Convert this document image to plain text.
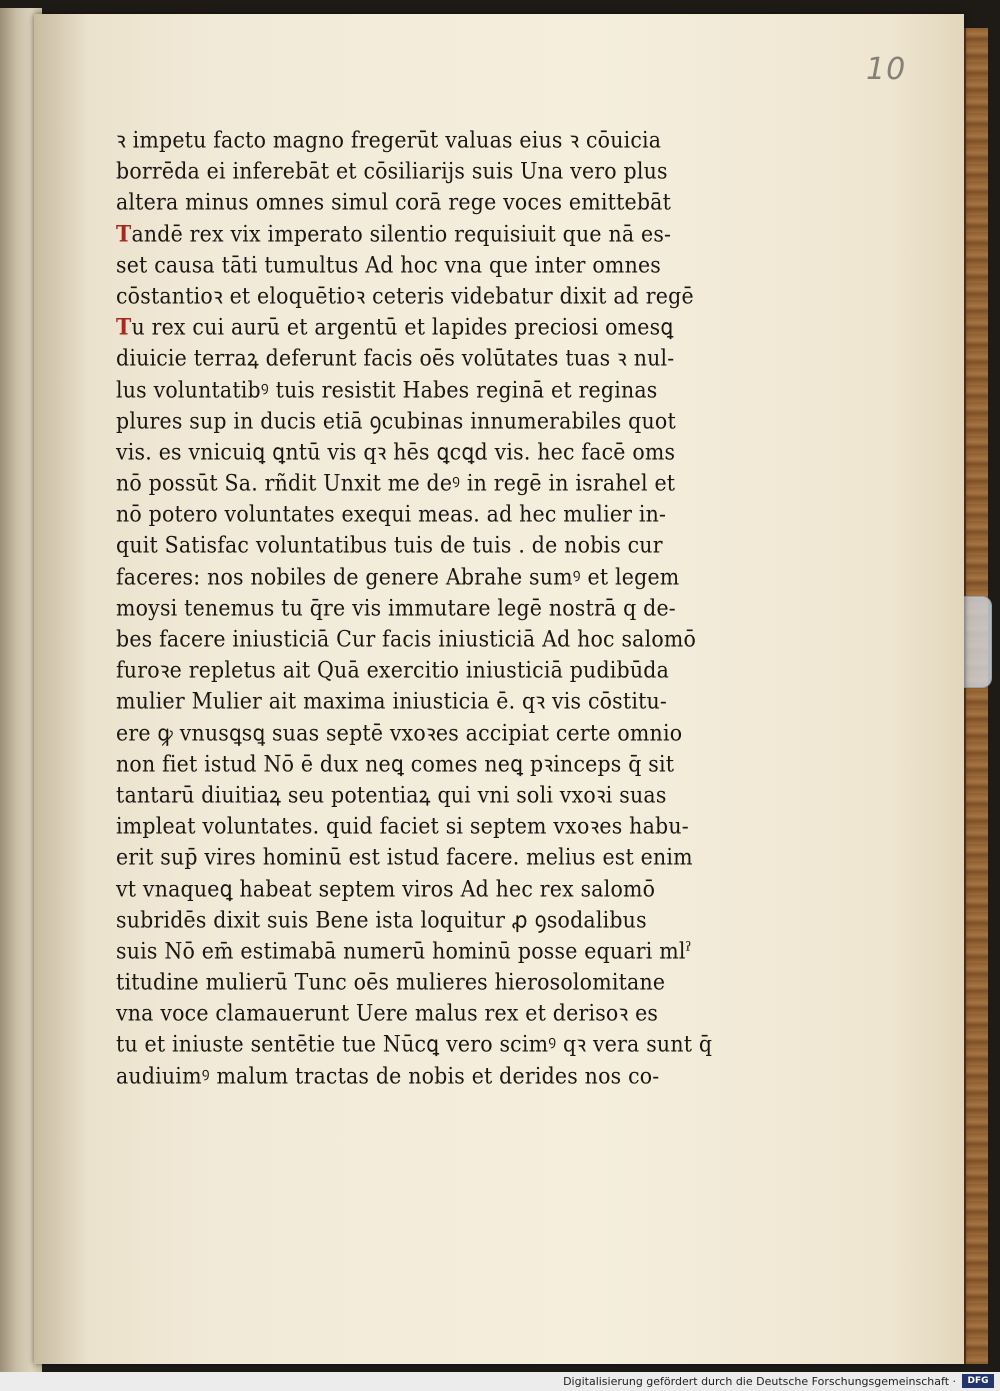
10
ꝛ impetu facto magno fregerūt valuas eius ꝛ cōuicia
borrēda ei inferebāt et cōsiliarijs suis Una vero plus
altera minus omnes simul corā rege voces emittebāt
Tandē rex vix imperato silentio requisiuit que nā es-
set causa tāti tumultus Ad hoc vna que inter omnes
cōstantioꝛ et eloquētioꝛ ceteris videbatur dixit ad regē
Tu rex cui aurū et argentū et lapides preciosi omesꝗ
diuicie terraꝝ deferunt facis oēs volūtates tuas ꝛ nul-
lus voluntatibꝰ tuis resistit Habes reginā et reginas
plures sup in ducis etiā ꝯcubinas innumerabiles quot
vis. es vnicuiꝗ ꝗntū vis qꝛ hēs ꝗcꝗd vis. hec facē oms
nō possūt Sa. rñdit Unxit me deꝰ in regē in israhel et
nō potero voluntates exequi meas. ad hec mulier in-
quit Satisfac voluntatibus tuis de tuis . de nobis cur
faceres: nos nobiles de genere Abrahe sumꝰ et legem
moysi tenemus tu q̄re vis immutare legē nostrā q de-
bes facere iniusticiā Cur facis iniusticiā Ad hoc salomō
furoꝛe repletus ait Quā exercitio iniusticiā pudibūda
mulier Mulier ait maxima iniusticia ē. qꝛ vis cōstitu-
ere ꝙ vnusꝗsꝗ suas septē vxoꝛes accipiat certe omnio
non fiet istud Nō ē dux neꝗ comes neꝗ pꝛinceps q̄ sit
tantarū diuitiaꝝ seu potentiaꝝ qui vni soli vxoꝛi suas
impleat voluntates. quid faciet si septem vxoꝛes habu-
erit sup̄ vires hominū est istud facere. melius est enim
vt vnaqueꝗ habeat septem viros Ad hec rex salomō
subridēs dixit suis Bene ista loquitur ꝓ ꝯsodalibus
suis Nō em̄ estimabā numerū hominū posse equari mlˀ
titudine mulierū Tunc oēs mulieres hierosolomitane
vna voce clamauerunt Uere malus rex et derisoꝛ es
tu et iniuste sentētie tue Nūcꝗ vero scimꝰ qꝛ vera sunt q̄
audiuimꝰ malum tractas de nobis et derides nos co-
Digitalisierung gefördert durch die Deutsche Forschungsgemeinschaft ·	DFG
